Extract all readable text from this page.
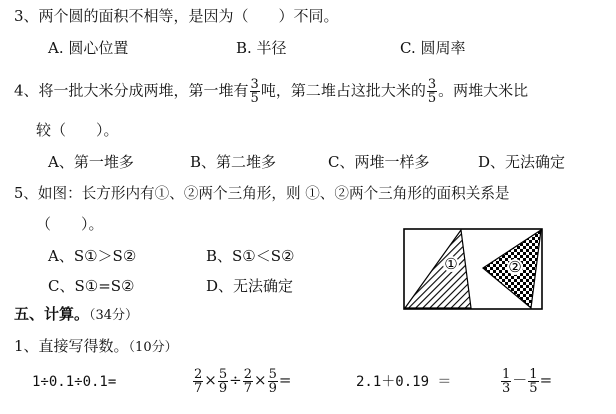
3、两个圆的面积不相等，是因为（　　）不同。
A. 圆心位置	B. 半径	C. 圆周率
4、将一批大米分成两堆，第一堆有 $\frac{3}{5}$ 吨，第二堆占这批大米的 $\frac{3}{5}$ 。两堆大米比
较（　　）。
A、第一堆多	B、第二堆多	C、两堆一样多	D、无法确定
5、如图：长方形内有①、②两个三角形，则 ①、②两个三角形的面积关系是
（　　）。
A、S①＞S②	B、S①＜S②
C、S①=S②	D、无法确定
①	②
五、计算。（34分）
1、直接写得数。（10分）
1÷0.1÷0.1=	$\frac{2}{7} \times \frac{5}{9} \div \frac{2}{7} \times \frac{5}{9}$ =	2.1＋0.19 ＝	$\frac{1}{3} - \frac{1}{5}$ =
